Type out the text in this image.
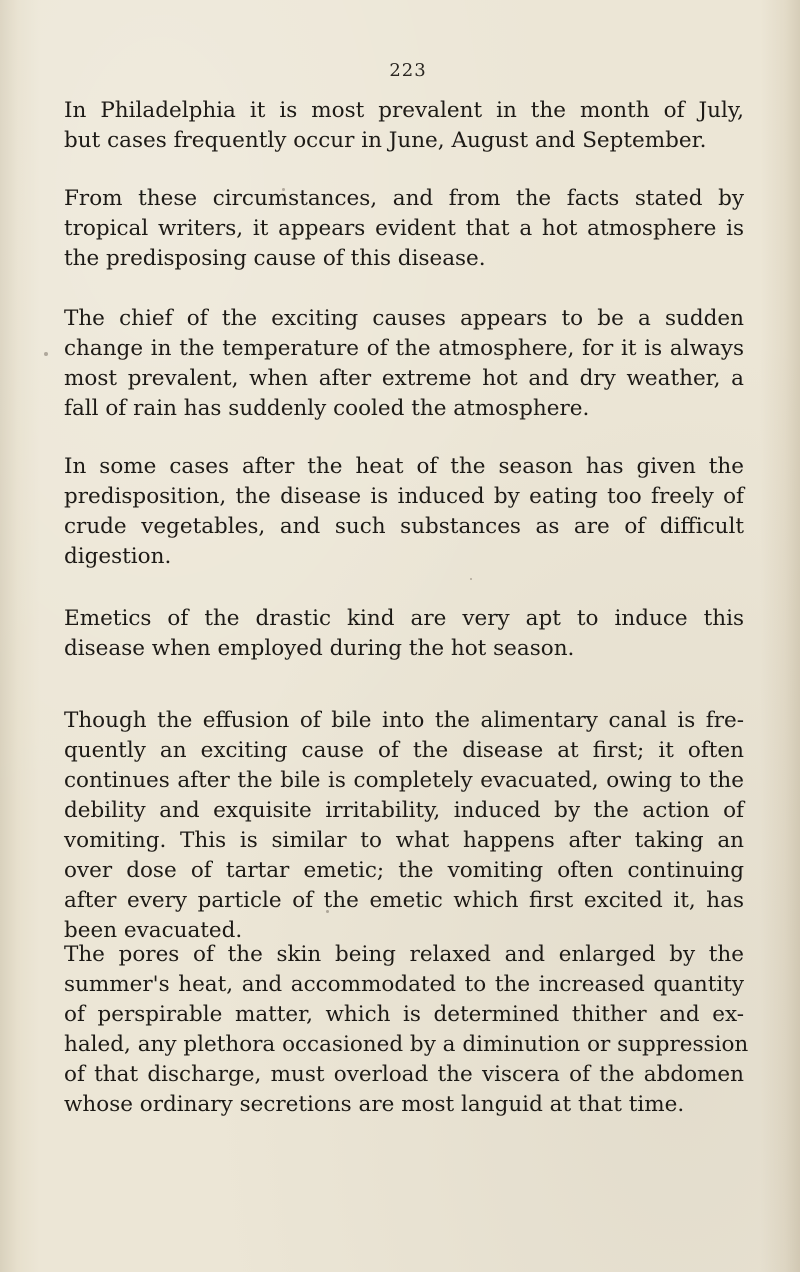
223
In Philadelphia it is most prevalent in the month of July,
but cases frequently occur in June, August and September.
From these circumstances, and from the facts stated by
tropical writers, it appears evident that a hot atmosphere is
the predisposing cause of this disease.
The chief of the exciting causes appears to be a sudden
change in the temperature of the atmosphere, for it is always
most prevalent, when after extreme hot and dry weather, a
fall of rain has suddenly cooled the atmosphere.
In some cases after the heat of the season has given the
predisposition, the disease is induced by eating too freely of
crude vegetables, and such substances as are of difficult
digestion.
Emetics of the drastic kind are very apt to induce this
disease when employed during the hot season.
Though the effusion of bile into the alimentary canal is fre-
quently an exciting cause of the disease at first; it often
continues after the bile is completely evacuated, owing to the
debility and exquisite irritability, induced by the action of
vomiting. This is similar to what happens after taking an
over dose of tartar emetic; the vomiting often continuing
after every particle of the emetic which first excited it, has
been evacuated.
The pores of the skin being relaxed and enlarged by the
summer's heat, and accommodated to the increased quantity
of perspirable matter, which is determined thither and ex-
haled, any plethora occasioned by a diminution or suppression
of that discharge, must overload the viscera of the abdomen
whose ordinary secretions are most languid at that time.
